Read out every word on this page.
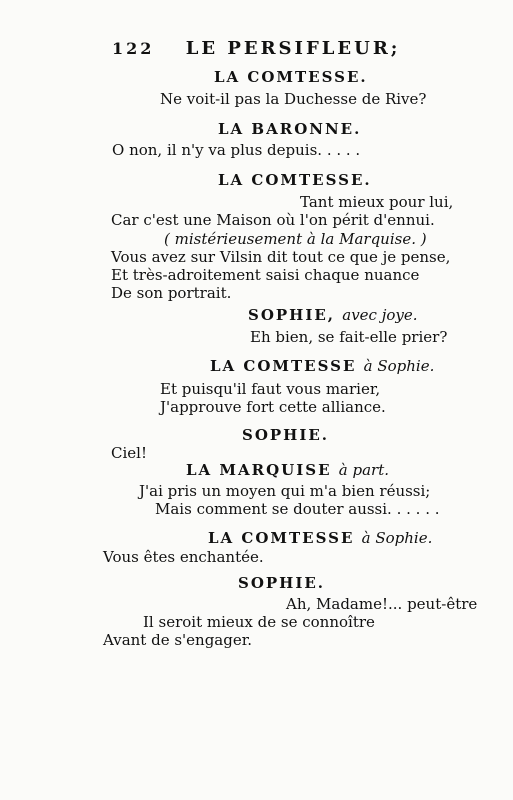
122 LE PERSIFLEUR;
LA COMTESSE.
Ne voit-il pas la Duchesse de Rive?
LA BARONNE.
O non, il n'y va plus depuis. . . . .
LA COMTESSE.
Tant mieux pour lui,
Car c'est une Maison où l'on périt d'ennui.
( mistérieusement à la Marquise. )
Vous avez sur Vilsin dit tout ce que je pense,
Et très-adroitement saisi chaque nuance
De son portrait.
SOPHIE, avec joye.
Eh bien, se fait-elle prier?
LA COMTESSE à Sophie.
Et puisqu'il faut vous marier,
J'approuve fort cette alliance.
SOPHIE.
Ciel!
LA MARQUISE à part.
J'ai pris un moyen qui m'a bien réussi;
Mais comment se douter aussi. . . . . .
LA COMTESSE à Sophie.
Vous êtes enchantée.
SOPHIE.
Ah, Madame!... peut-être
Il seroit mieux de se connoître
Avant de s'engager.
